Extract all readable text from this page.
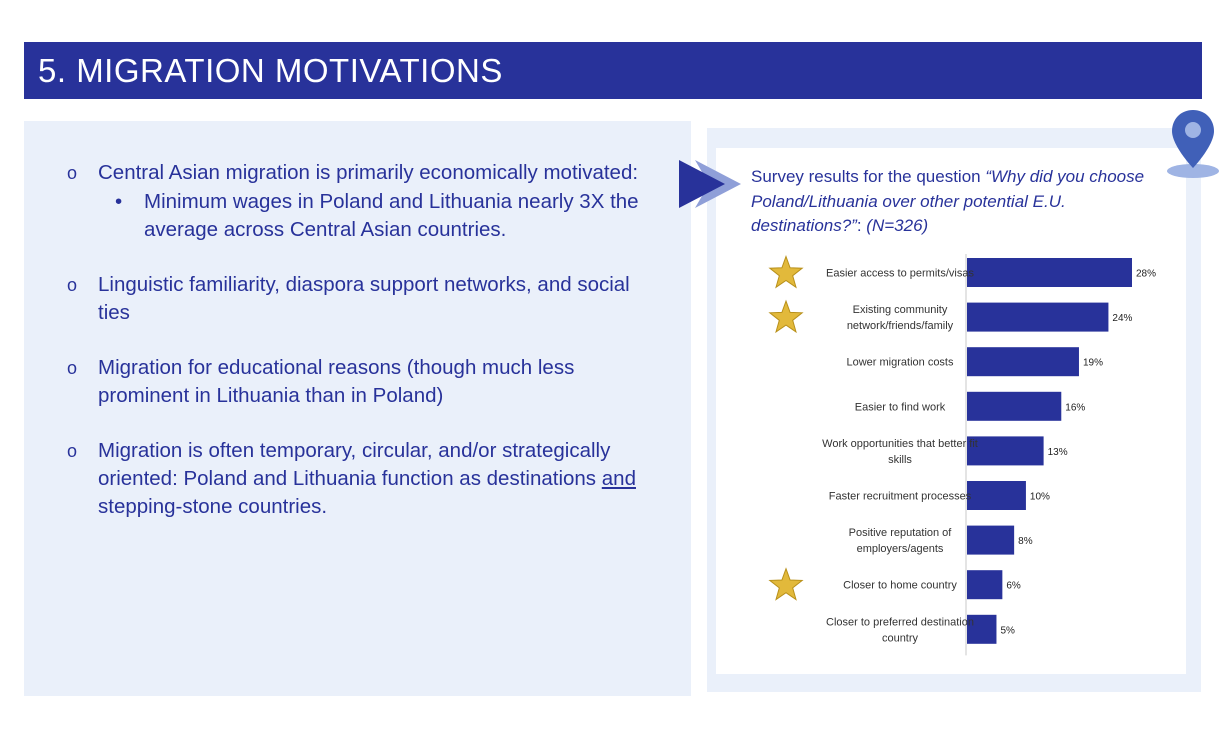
5. MIGRATION MOTIVATIONS
o Central Asian migration is primarily economically motivated:
• Minimum wages in Poland and Lithuania nearly 3X the average across Central Asian countries.
o Linguistic familiarity, diaspora support networks, and social ties
o Migration for educational reasons (though much less prominent in Lithuania than in Poland)
o Migration is often temporary, circular, and/or strategically oriented: Poland and Lithuania function as destinations and stepping-stone countries.
Survey results for the question “Why did you choose Poland/Lithuania over other potential E.U. destinations?”: (N=326)
28%
Easier access to permits/visas
24%
Existing community
network/friends/family
19%
Lower migration costs
16%
Easier to find work
13%
Work opportunities that better fit
skills
10%
Faster recruitment processes
8%
Positive reputation of
employers/agents
6%
Closer to home country
5%
Closer to preferred destination
country
